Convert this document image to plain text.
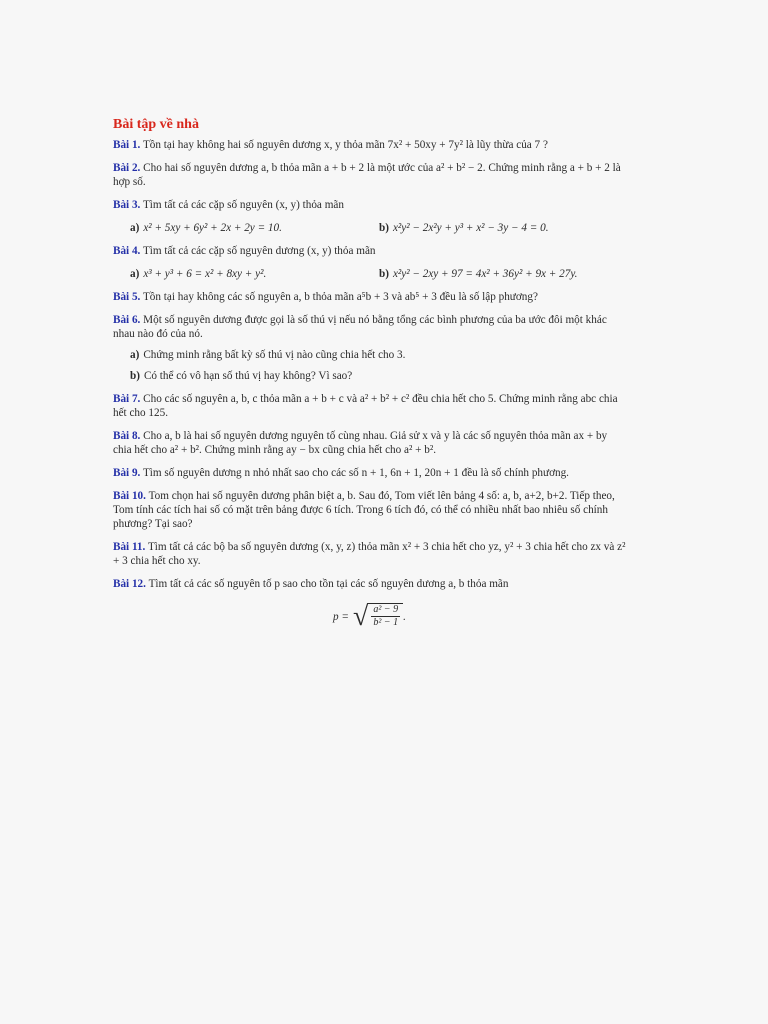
Bài tập về nhà
Bài 1. Tồn tại hay không hai số nguyên dương x, y thỏa mãn 7x² + 50xy + 7y² là lũy thừa của 7 ?
Bài 2. Cho hai số nguyên dương a, b thỏa mãn a + b + 2 là một ước của a² + b² − 2. Chứng minh rằng a + b + 2 là hợp số.
Bài 3. Tìm tất cả các cặp số nguyên (x, y) thỏa mãn
a) x² + 5xy + 6y² + 2x + 2y = 10.	b) x²y² − 2x²y + y³ + x² − 3y − 4 = 0.
Bài 4. Tìm tất cả các cặp số nguyên dương (x, y) thỏa mãn
a) x³ + y³ + 6 = x² + 8xy + y².	b) x²y² − 2xy + 97 = 4x² + 36y² + 9x + 27y.
Bài 5. Tồn tại hay không các số nguyên a, b thỏa mãn a⁵b + 3 và ab⁵ + 3 đều là số lập phương?
Bài 6. Một số nguyên dương được gọi là số thú vị nếu nó bằng tổng các bình phương của ba ước đôi một khác nhau nào đó của nó.
a) Chứng minh rằng bất kỳ số thú vị nào cũng chia hết cho 3.
b) Có thể có vô hạn số thú vị hay không? Vì sao?
Bài 7. Cho các số nguyên a, b, c thỏa mãn a + b + c và a² + b² + c² đều chia hết cho 5. Chứng minh rằng abc chia hết cho 125.
Bài 8. Cho a, b là hai số nguyên dương nguyên tố cùng nhau. Giả sử x và y là các số nguyên thỏa mãn ax + by chia hết cho a² + b². Chứng minh rằng ay − bx cũng chia hết cho a² + b².
Bài 9. Tìm số nguyên dương n nhỏ nhất sao cho các số n + 1, 6n + 1, 20n + 1 đều là số chính phương.
Bài 10. Tom chọn hai số nguyên dương phân biệt a, b. Sau đó, Tom viết lên bảng 4 số: a, b, a+2, b+2. Tiếp theo, Tom tính các tích hai số có mặt trên bảng được 6 tích. Trong 6 tích đó, có thể có nhiều nhất bao nhiêu số chính phương? Tại sao?
Bài 11. Tìm tất cả các bộ ba số nguyên dương (x, y, z) thỏa mãn x² + 3 chia hết cho yz, y² + 3 chia hết cho zx và z² + 3 chia hết cho xy.
Bài 12. Tìm tất cả các số nguyên tố p sao cho tồn tại các số nguyên dương a, b thỏa mãn
p = √ $\frac{\text{a² − 9}}{\text{b² − 1}}$ .
